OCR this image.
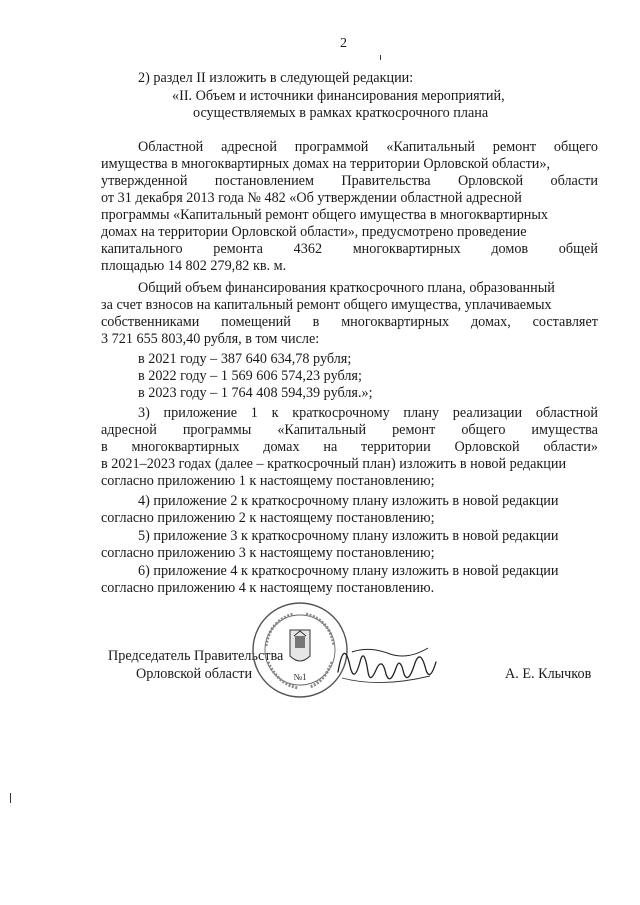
2
2) раздел II изложить в следующей редакции:
«II. Объем и источники финансирования мероприятий,
осуществляемых в рамках краткосрочного плана
Областной адресной программой «Капитальный ремонт общего
имущества в многоквартирных домах на территории Орловской области»,
утвержденной постановлением Правительства Орловской области
от 31 декабря 2013 года № 482 «Об утверждении областной адресной
программы «Капитальный ремонт общего имущества в многоквартирных
домах на территории Орловской области», предусмотрено проведение
капитального ремонта 4362 многоквартирных домов общей
площадью 14 802 279,82 кв. м.
Общий объем финансирования краткосрочного плана, образованный
за счет взносов на капитальный ремонт общего имущества, уплачиваемых
собственниками помещений в многоквартирных домах, составляет
3 721 655 803,40 рубля, в том числе:
в 2021 году – 387 640 634,78 рубля;
в 2022 году – 1 569 606 574,23 рубля;
в 2023 году – 1 764 408 594,39 рубля.»;
3) приложение 1 к краткосрочному плану реализации областной
адресной программы «Капитальный ремонт общего имущества
в многоквартирных домах на территории Орловской области»
в 2021–2023 годах (далее – краткосрочный план) изложить в новой редакции
согласно приложению 1 к настоящему постановлению;
4) приложение 2 к краткосрочному плану изложить в новой редакции
согласно приложению 2 к настоящему постановлению;
5) приложение 3 к краткосрочному плану изложить в новой редакции
согласно приложению 3 к настоящему постановлению;
6) приложение 4 к краткосрочному плану изложить в новой редакции
согласно приложению 4 к настоящему постановлению.
Председатель Правительства
Орловской области	А. Е. Клычков
№1
